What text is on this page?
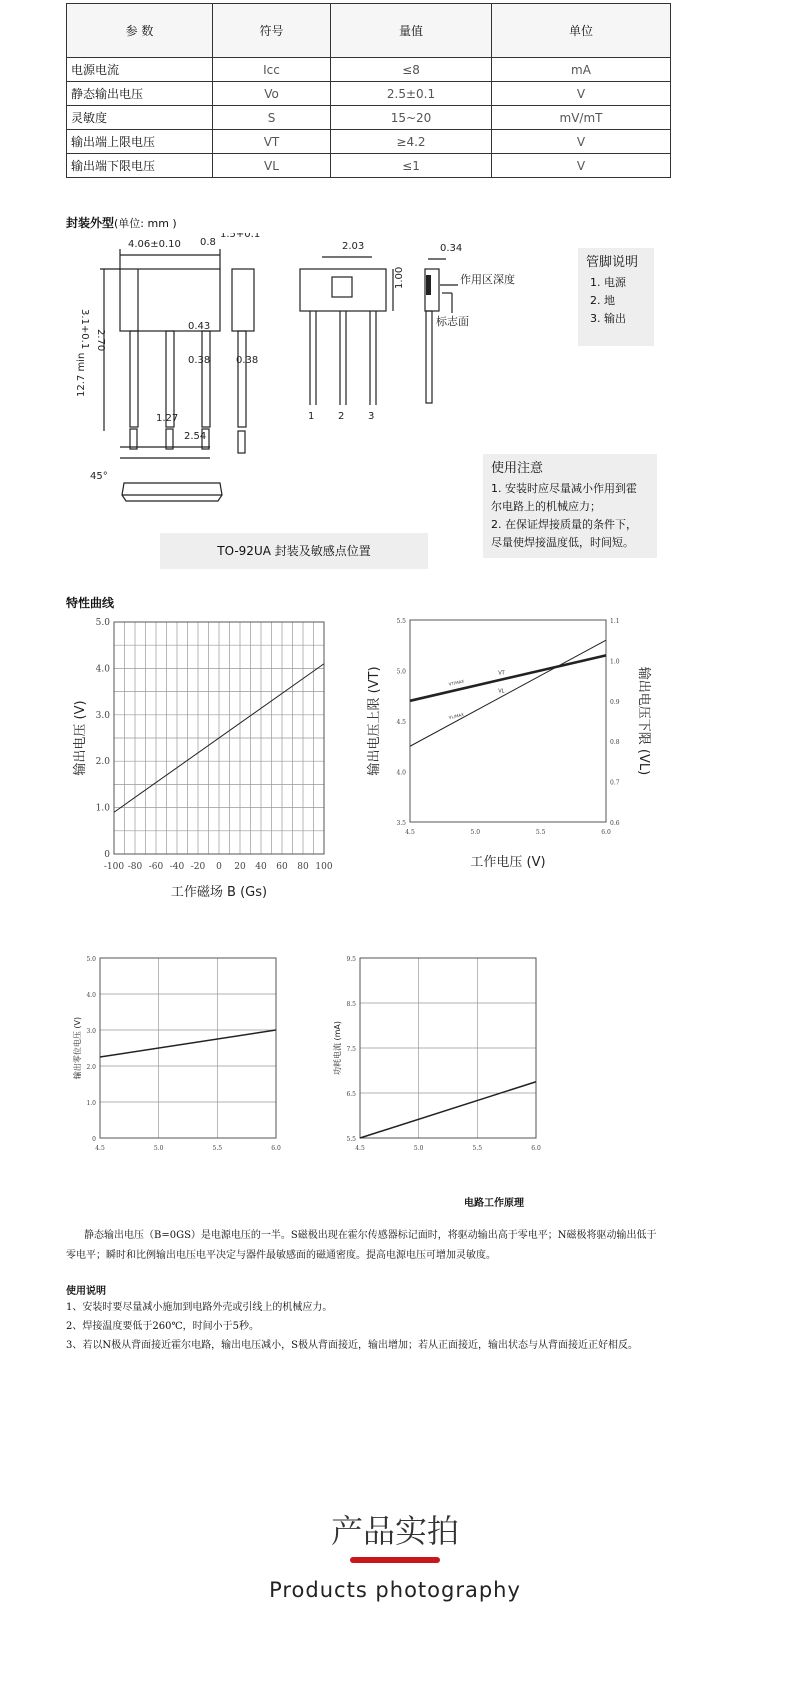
参 数	符号	量值	单位
电源电流	Icc	≤8	mA
静态输出电压	Vo	2.5±0.1	V
灵敏度	S	15~20	mV/mT
输出端上限电压	VT	≥4.2	V
输出端下限电压	VL	≤1	V
封装外型(单位: mm )
4.06±0.10 0.8
1.5+0.1
3.1+0.1 2.70
0.43
0.38	0.38
12.7 min
1.27
2.54
45°
2.03	0.34
1.00	作用区深度
标志面
1 2 3
TO-92UA 封装及敏感点位置
管脚说明
1. 电源
2. 地
3. 输出
使用注意
1. 安装时应尽量减小作用到霍
尔电路上的机械应力；
2. 在保证焊接质量的条件下，
尽量使焊接温度低，时间短。
特性曲线
-100 -80 -60 -40 -20 0 20 40 60 80 100
0
1.0
2.0
3.0
4.0
5.0
工作磁场 B (Gs)
输出电压 (V)
4.5	5.0	5.5	6.0
3.5
4.0
4.5
5.0
5.5
0.6
0.7
0.8
0.9
1.0
1.1
工作电压 (V)
输出电压上限 (VT)	输出电压下限 (VL)
VT/MAX
VT
VL/MAX
VL
4.5	5.0	5.5	6.0
0
1.0
2.0
3.0
4.0
5.0
输出零位电压 (V)
4.5	5.0	5.5	6.0
5.5
6.5
7.5
8.5
9.5
功耗电流 (mA)
电路工作原理
静态输出电压（B=0GS）是电源电压的一半。S磁极出现在霍尔传感器标记面时，将驱动输出高于零电平；N磁极将驱动输出低于
零电平；瞬时和比例输出电压电平决定与器件最敏感面的磁通密度。提高电源电压可增加灵敏度。
使用说明
1、安装时要尽量减小施加到电路外壳或引线上的机械应力。
2、焊接温度要低于260℃，时间小于5秒。
3、若以N极从背面接近霍尔电路，输出电压减小，S极从背面接近，输出增加；若从正面接近，输出状态与从背面接近正好相反。
产品实拍
Products photography
